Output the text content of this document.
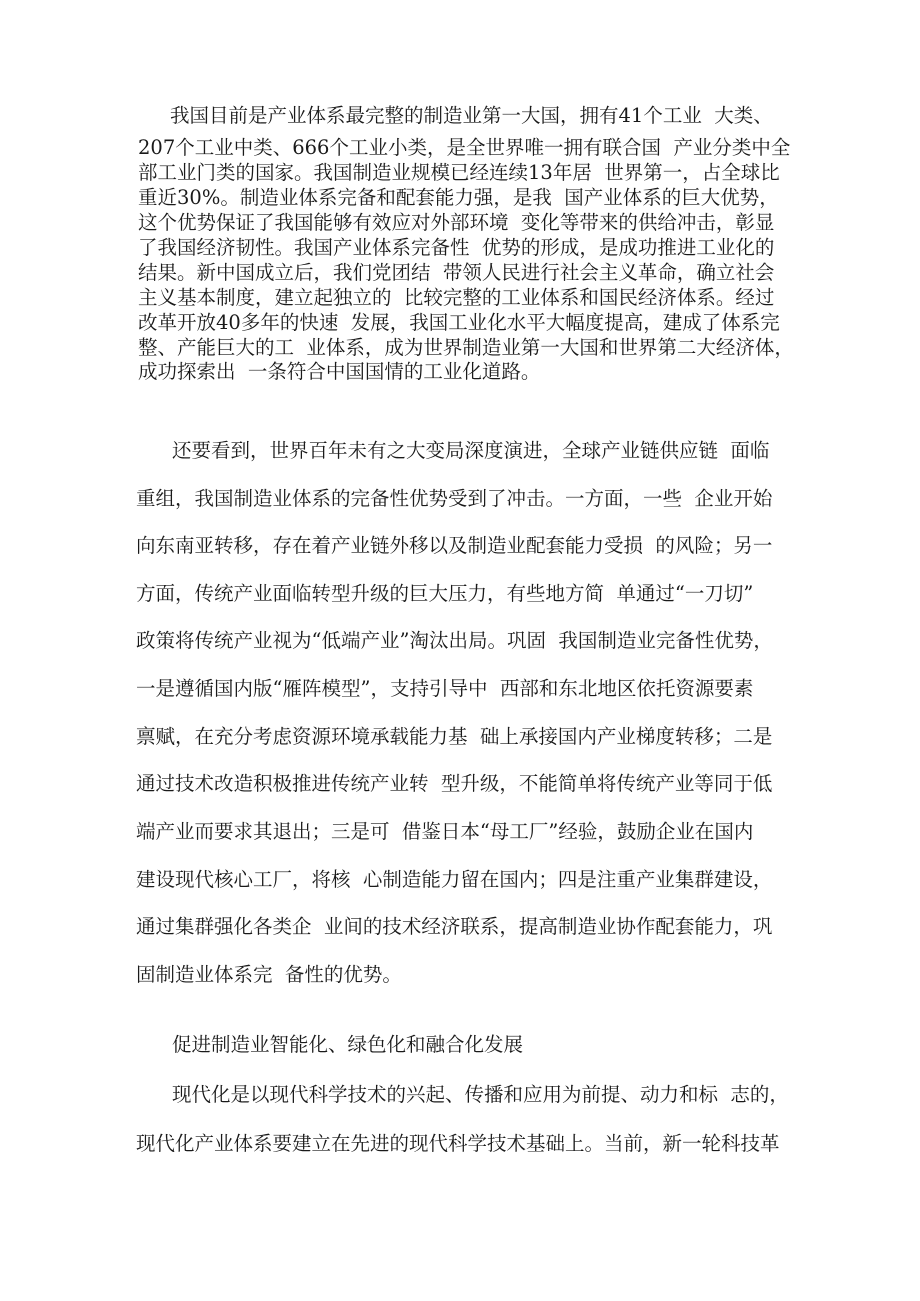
我国目前是产业体系最完整的制造业第一大国，拥有41个工业  大类、
207个工业中类、666个工业小类，是全世界唯一拥有联合国  产业分类中全
部工业门类的国家。我国制造业规模已经连续13年居  世界第一，占全球比
重近30%。制造业体系完备和配套能力强，是我  国产业体系的巨大优势，
这个优势保证了我国能够有效应对外部环境  变化等带来的供给冲击，彰显
了我国经济韧性。我国产业体系完备性  优势的形成，是成功推进工业化的
结果。新中国成立后，我们党团结  带领人民进行社会主义革命，确立社会
主义基本制度，建立起独立的  比较完整的工业体系和国民经济体系。经过
改革开放40多年的快速  发展，我国工业化水平大幅度提高，建成了体系完
整、产能巨大的工  业体系，成为世界制造业第一大国和世界第二大经济体，
成功探索出  一条符合中国国情的工业化道路。
还要看到，世界百年未有之大变局深度演进，全球产业链供应链  面临
重组，我国制造业体系的完备性优势受到了冲击。一方面，一些  企业开始
向东南亚转移，存在着产业链外移以及制造业配套能力受损  的风险；另一
方面，传统产业面临转型升级的巨大压力，有些地方简  单通过“一刀切”
政策将传统产业视为“低端产业”淘汰出局。巩固  我国制造业完备性优势，
一是遵循国内版“雁阵模型”，支持引导中  西部和东北地区依托资源要素
禀赋，在充分考虑资源环境承载能力基  础上承接国内产业梯度转移；二是
通过技术改造积极推进传统产业转  型升级，不能简单将传统产业等同于低
端产业而要求其退出；三是可  借鉴日本“母工厂”经验，鼓励企业在国内
建设现代核心工厂，将核  心制造能力留在国内；四是注重产业集群建设，
通过集群强化各类企  业间的技术经济联系，提高制造业协作配套能力，巩
固制造业体系完  备性的优势。
促进制造业智能化、绿色化和融合化发展
现代化是以现代科学技术的兴起、传播和应用为前提、动力和标  志的，
现代化产业体系要建立在先进的现代科学技术基础上。当前，新一轮科技革
